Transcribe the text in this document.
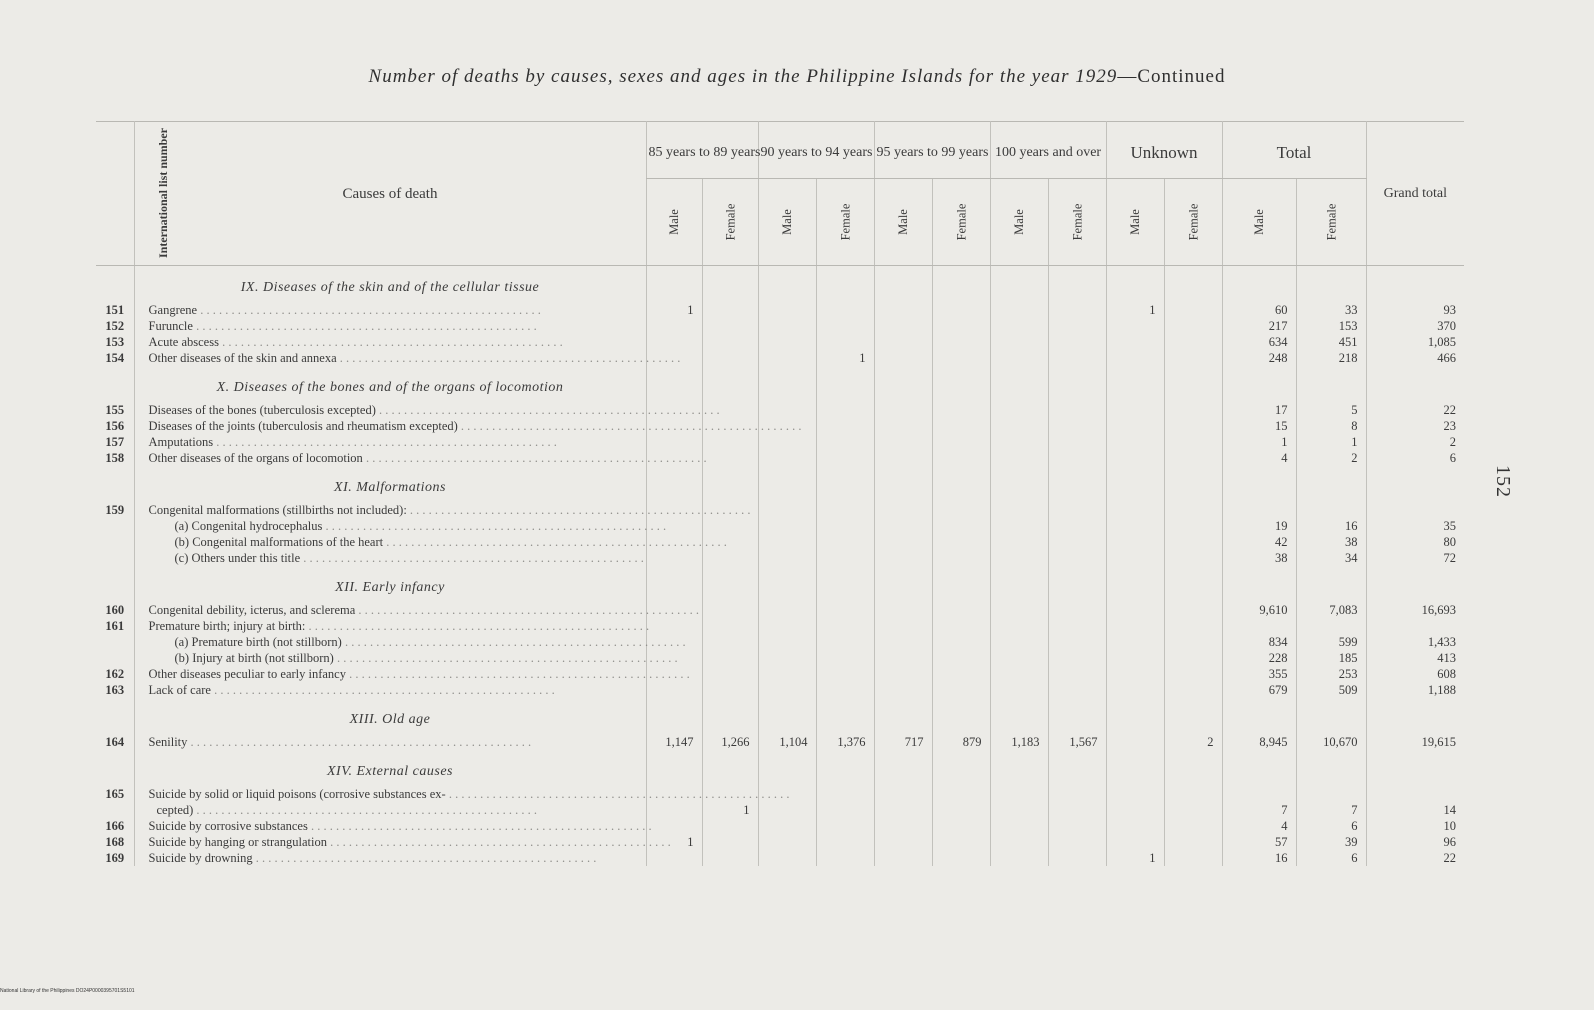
Number of deaths by causes, sexes and ages in the Philippine Islands for the year 1929—Continued
International list number	Causes of death	85 years to 89 years		90 years to 94 years		95 years to 99 years		100 years and over		Unknown		Total		Grand total
		Male	Female	Male	Female	Male	Female	Male	Female	Male	Female	Male	Female	
	IX. Diseases of the skin and of the cellular tissue													
151	Gangrene . . . . . . . . . . . . . . . . . . . . . . . . . . . . . . . . . . . . . . . . . . . . . . . . . . . . . . .	1								1		60	33	93
152	Furuncle . . . . . . . . . . . . . . . . . . . . . . . . . . . . . . . . . . . . . . . . . . . . . . . . . . . . . . .											217	153	370
153	Acute abscess . . . . . . . . . . . . . . . . . . . . . . . . . . . . . . . . . . . . . . . . . . . . . . . . . . . . . . .											634	451	1,085
154	Other diseases of the skin and annexa . . . . . . . . . . . . . . . . . . . . . . . . . . . . . . . . . . . . . . . . . . . . . . . . . . . . . . .				1							248	218	466
	X. Diseases of the bones and of the organs of locomotion													
155	Diseases of the bones (tuberculosis excepted) . . . . . . . . . . . . . . . . . . . . . . . . . . . . . . . . . . . . . . . . . . . . . . . . . . . . . . .											17	5	22
156	Diseases of the joints (tuberculosis and rheumatism excepted) . . . . . . . . . . . . . . . . . . . . . . . . . . . . . . . . . . . . . . . . . . . . . . . . . . . . . . .											15	8	23
157	Amputations . . . . . . . . . . . . . . . . . . . . . . . . . . . . . . . . . . . . . . . . . . . . . . . . . . . . . . .											1	1	2
158	Other diseases of the organs of locomotion . . . . . . . . . . . . . . . . . . . . . . . . . . . . . . . . . . . . . . . . . . . . . . . . . . . . . . .											4	2	6
	XI. Malformations													
159	Congenital malformations (stillbirths not included): . . . . . . . . . . . . . . . . . . . . . . . . . . . . . . . . . . . . . . . . . . . . . . . . . . . . . . .													
	(a) Congenital hydrocephalus . . . . . . . . . . . . . . . . . . . . . . . . . . . . . . . . . . . . . . . . . . . . . . . . . . . . . . .											19	16	35
	(b) Congenital malformations of the heart . . . . . . . . . . . . . . . . . . . . . . . . . . . . . . . . . . . . . . . . . . . . . . . . . . . . . . .											42	38	80
	(c) Others under this title . . . . . . . . . . . . . . . . . . . . . . . . . . . . . . . . . . . . . . . . . . . . . . . . . . . . . . .											38	34	72
	XII. Early infancy													
160	Congenital debility, icterus, and sclerema . . . . . . . . . . . . . . . . . . . . . . . . . . . . . . . . . . . . . . . . . . . . . . . . . . . . . . .											9,610	7,083	16,693
161	Premature birth; injury at birth: . . . . . . . . . . . . . . . . . . . . . . . . . . . . . . . . . . . . . . . . . . . . . . . . . . . . . . .													
	(a) Premature birth (not stillborn) . . . . . . . . . . . . . . . . . . . . . . . . . . . . . . . . . . . . . . . . . . . . . . . . . . . . . . .											834	599	1,433
	(b) Injury at birth (not stillborn) . . . . . . . . . . . . . . . . . . . . . . . . . . . . . . . . . . . . . . . . . . . . . . . . . . . . . . .											228	185	413
162	Other diseases peculiar to early infancy . . . . . . . . . . . . . . . . . . . . . . . . . . . . . . . . . . . . . . . . . . . . . . . . . . . . . . .											355	253	608
163	Lack of care . . . . . . . . . . . . . . . . . . . . . . . . . . . . . . . . . . . . . . . . . . . . . . . . . . . . . . .											679	509	1,188
	XIII. Old age													
164	Senility . . . . . . . . . . . . . . . . . . . . . . . . . . . . . . . . . . . . . . . . . . . . . . . . . . . . . . .	1,147	1,266	1,104	1,376	717	879	1,183	1,567		2	8,945	10,670	19,615
	XIV. External causes													
165	Suicide by solid or liquid poisons (corrosive substances ex- . . . . . . . . . . . . . . . . . . . . . . . . . . . . . . . . . . . . . . . . . . . . . . . . . . . . . . .													
	cepted) . . . . . . . . . . . . . . . . . . . . . . . . . . . . . . . . . . . . . . . . . . . . . . . . . . . . . . .		1									7	7	14
166	Suicide by corrosive substances . . . . . . . . . . . . . . . . . . . . . . . . . . . . . . . . . . . . . . . . . . . . . . . . . . . . . . .											4	6	10
168	Suicide by hanging or strangulation . . . . . . . . . . . . . . . . . . . . . . . . . . . . . . . . . . . . . . . . . . . . . . . . . . . . . . .	1										57	39	96
169	Suicide by drowning . . . . . . . . . . . . . . . . . . . . . . . . . . . . . . . . . . . . . . . . . . . . . . . . . . . . . . .									1		16	6	22
152
National Library of the Philippines DO24P0000395701S5101
